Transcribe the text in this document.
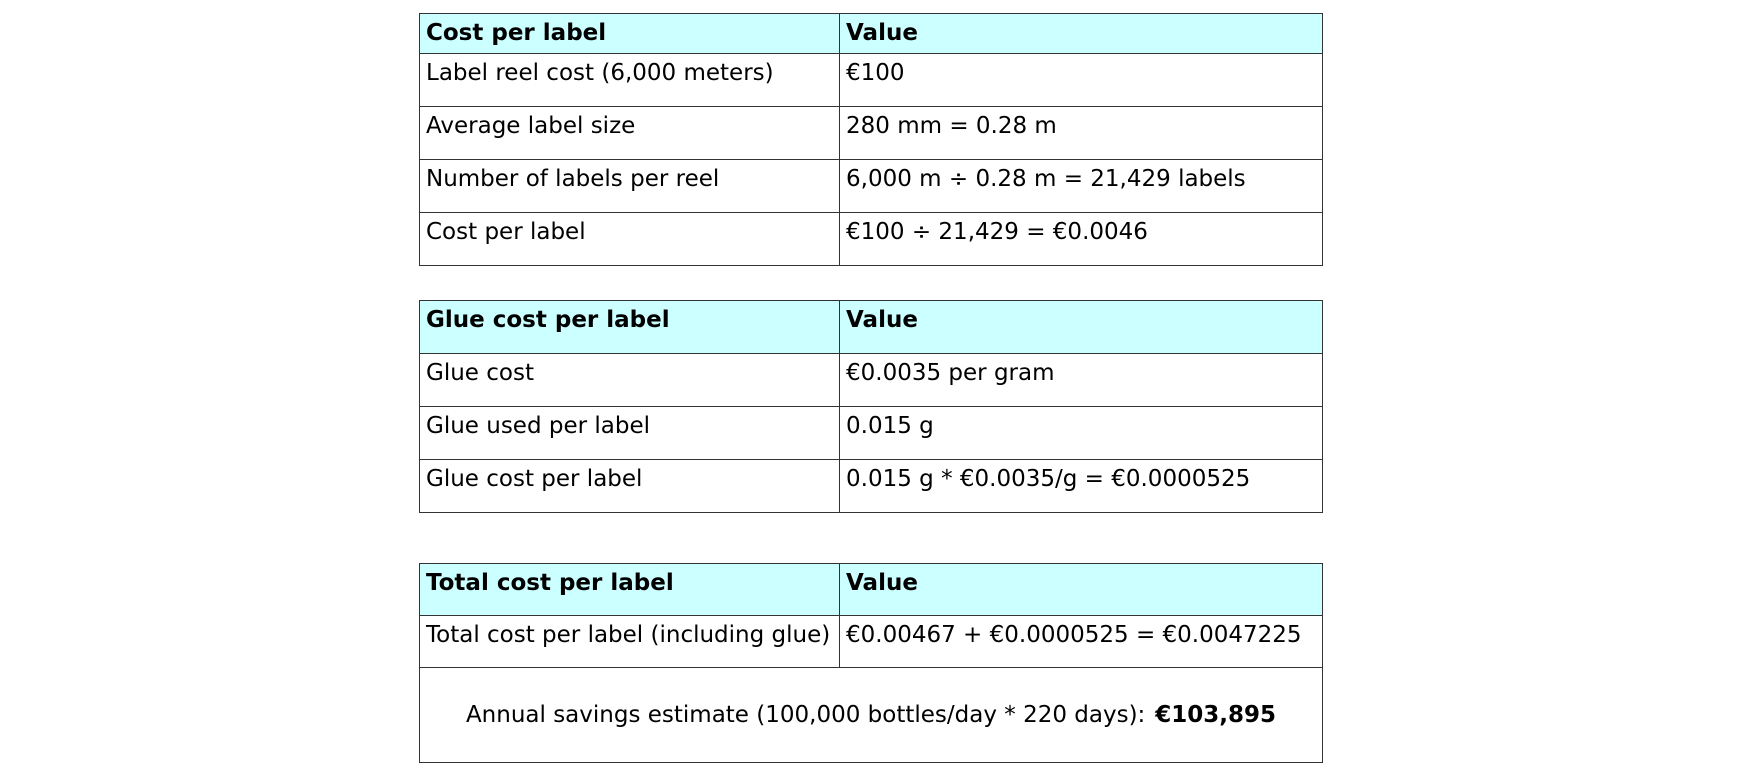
Cost per label	Value
Label reel cost (6,000 meters)	€100
Average label size	280 mm = 0.28 m
Number of labels per reel	6,000 m ÷ 0.28 m = 21,429 labels
Cost per label	€100 ÷ 21,429 = €0.0046
Glue cost per label	Value
Glue cost	€0.0035 per gram
Glue used per label	0.015 g
Glue cost per label	0.015 g * €0.0035/g = €0.0000525
Total cost per label	Value
Total cost per label (including glue)	€0.00467 + €0.0000525 = €0.0047225
Annual savings estimate (100,000 bottles/day * 220 days): €103,895	
